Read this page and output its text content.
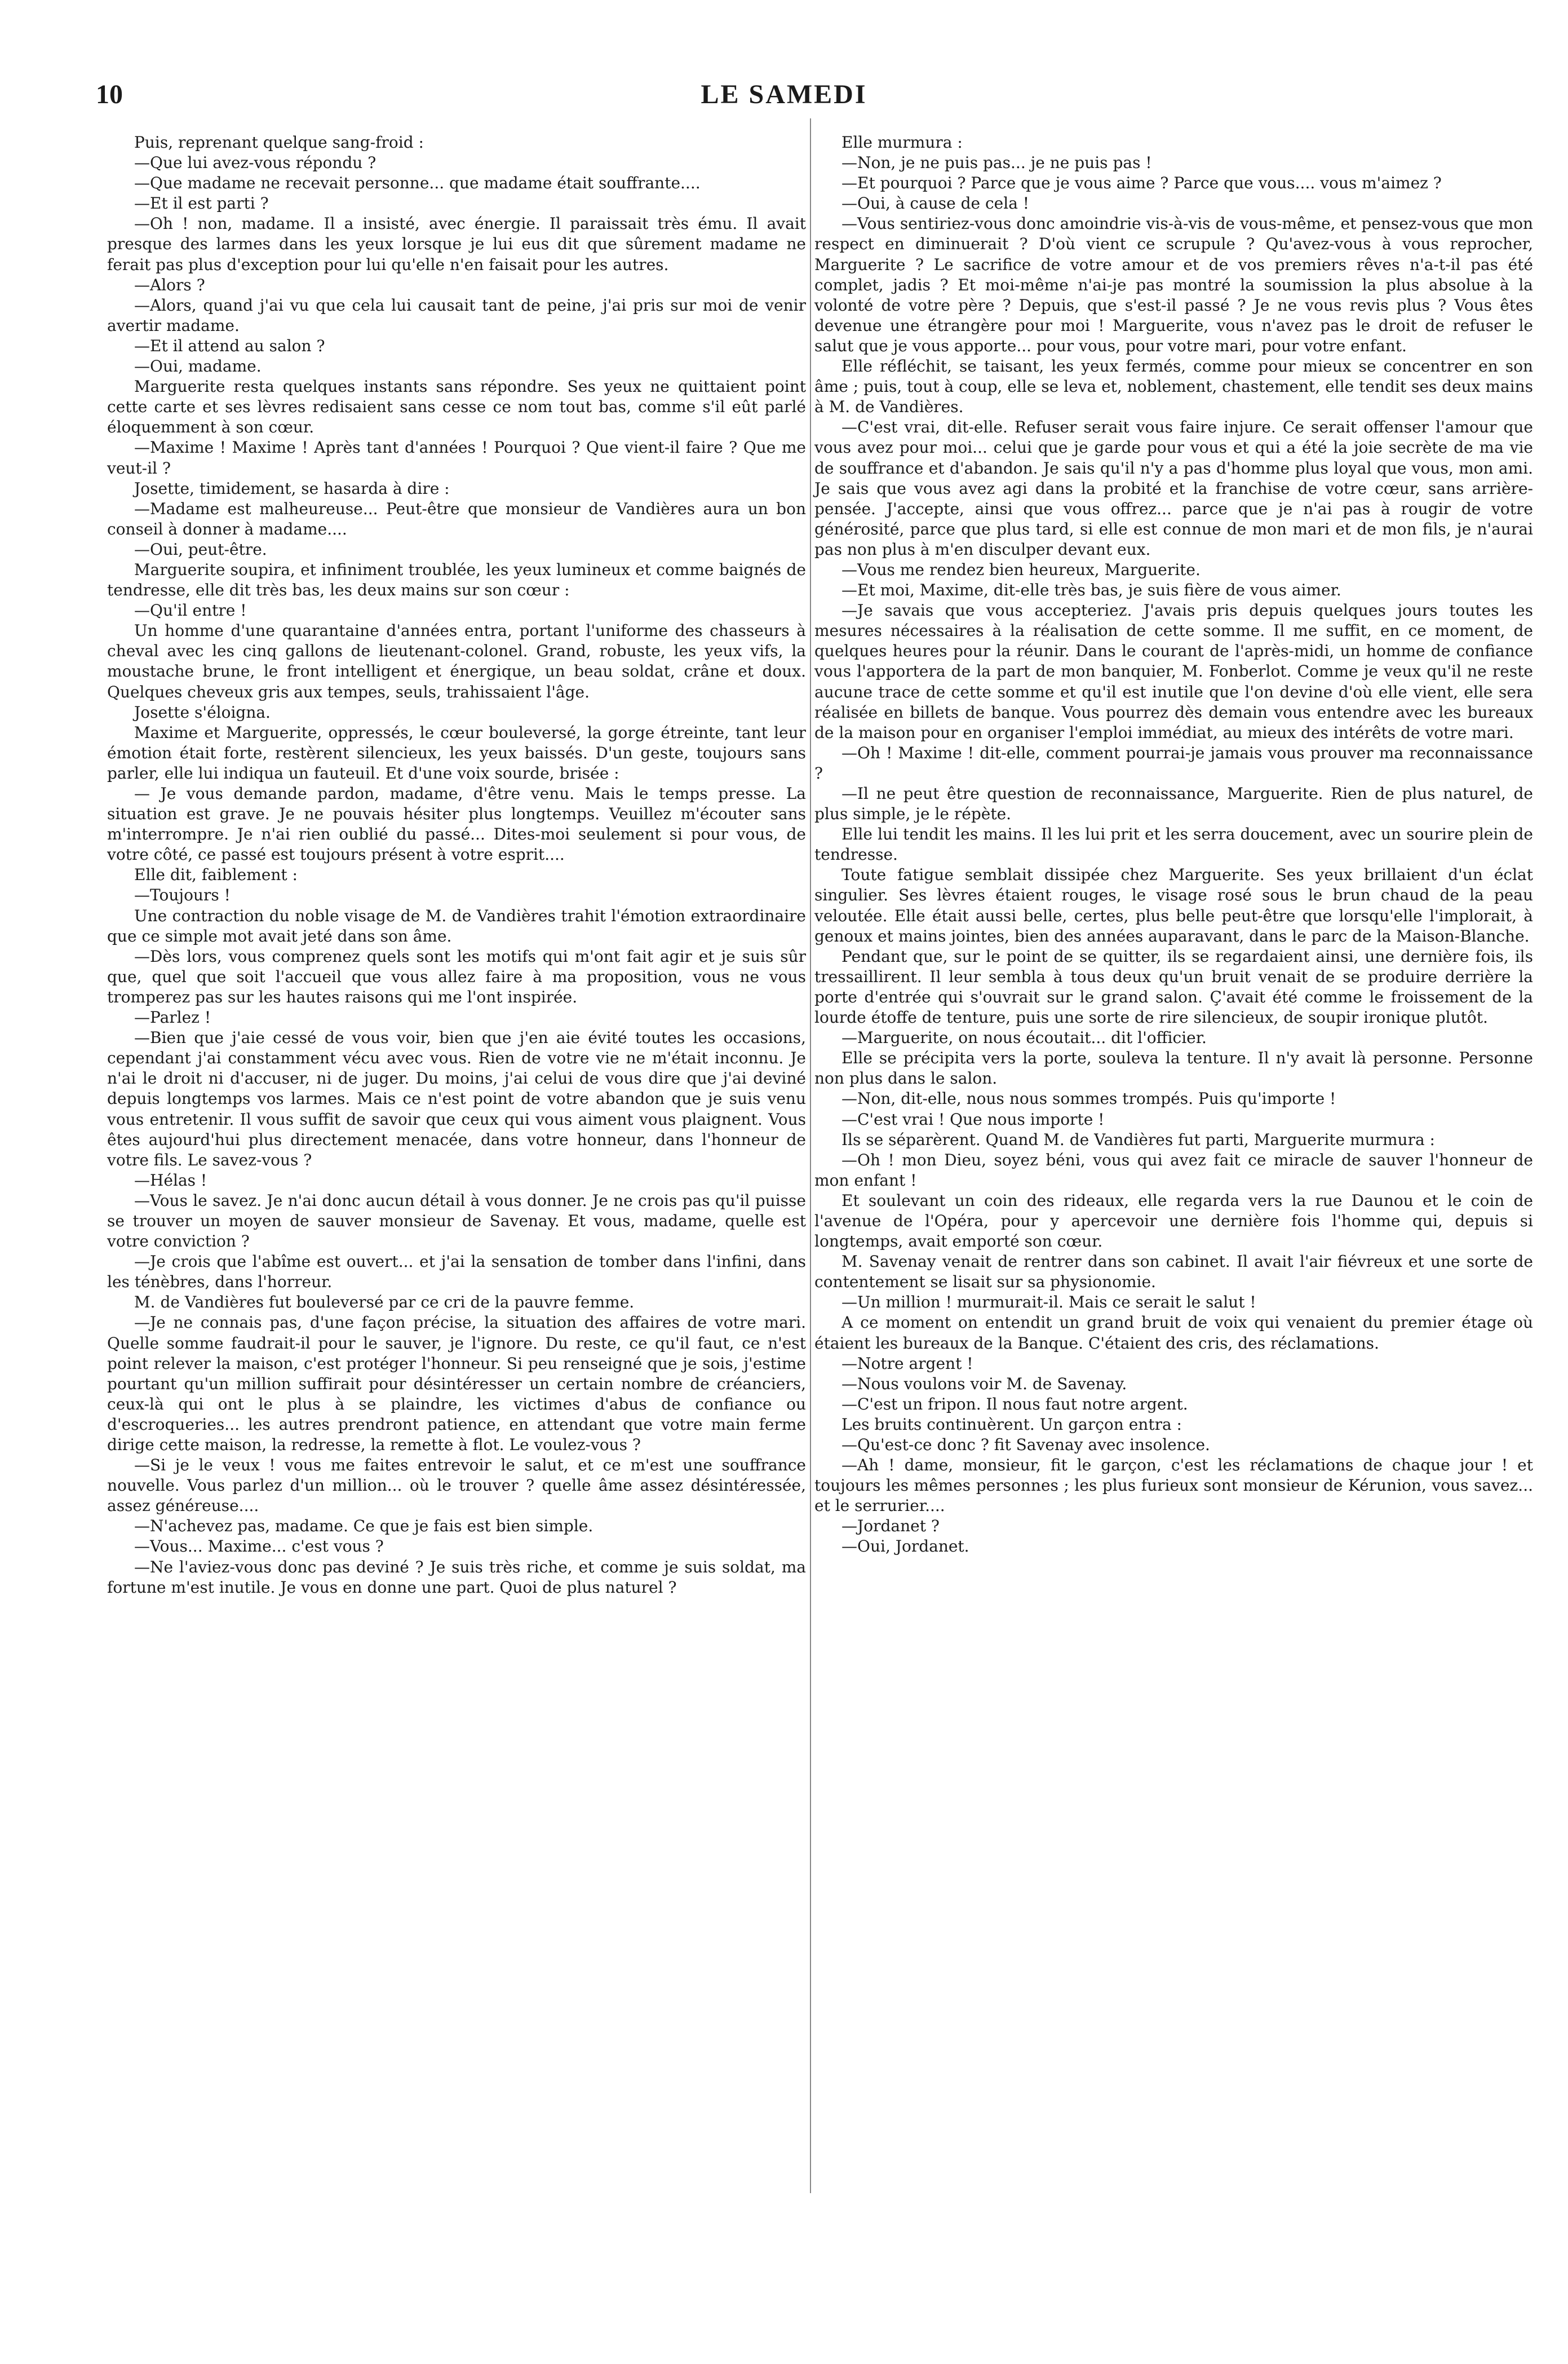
10	LE SAMEDI

Puis, reprenant quelque sang-froid :

—Que lui avez-vous répondu ?

—Que madame ne recevait personne... que madame était souffrante....

—Et il est parti ?

—Oh ! non, madame. Il a insisté, avec énergie. Il paraissait très ému. Il avait presque des larmes dans les yeux lorsque je lui eus dit que sûrement madame ne ferait pas plus d'exception pour lui qu'elle n'en faisait pour les autres.

—Alors ?

—Alors, quand j'ai vu que cela lui causait tant de peine, j'ai pris sur moi de venir avertir madame.

—Et il attend au salon ?

—Oui, madame.

Marguerite resta quelques instants sans répondre. Ses yeux ne quittaient point cette carte et ses lèvres redisaient sans cesse ce nom tout bas, comme s'il eût parlé éloquemment à son cœur.

—Maxime ! Maxime ! Après tant d'années ! Pourquoi ? Que vient-il faire ? Que me veut-il ?

Josette, timidement, se hasarda à dire :

—Madame est malheureuse... Peut-être que monsieur de Vandières aura un bon conseil à donner à madame....

—Oui, peut-être.

Marguerite soupira, et infiniment troublée, les yeux lumineux et comme baignés de tendresse, elle dit très bas, les deux mains sur son cœur :

—Qu'il entre !

Un homme d'une quarantaine d'années entra, portant l'uniforme des chasseurs à cheval avec les cinq gallons de lieutenant-colonel. Grand, robuste, les yeux vifs, la moustache brune, le front intelligent et énergique, un beau soldat, crâne et doux. Quelques cheveux gris aux tempes, seuls, trahissaient l'âge.

Josette s'éloigna.

Maxime et Marguerite, oppressés, le cœur bouleversé, la gorge étreinte, tant leur émotion était forte, restèrent silencieux, les yeux baissés. D'un geste, toujours sans parler, elle lui indiqua un fauteuil. Et d'une voix sourde, brisée :

— Je vous demande pardon, madame, d'être venu. Mais le temps presse. La situation est grave. Je ne pouvais hésiter plus longtemps. Veuillez m'écouter sans m'interrompre. Je n'ai rien oublié du passé... Dites-moi seulement si pour vous, de votre côté, ce passé est toujours présent à votre esprit....

Elle dit, faiblement :

—Toujours !

Une contraction du noble visage de M. de Vandières trahit l'émotion extraordinaire que ce simple mot avait jeté dans son âme.

—Dès lors, vous comprenez quels sont les motifs qui m'ont fait agir et je suis sûr que, quel que soit l'accueil que vous allez faire à ma proposition, vous ne vous tromperez pas sur les hautes raisons qui me l'ont inspirée.

—Parlez !

—Bien que j'aie cessé de vous voir, bien que j'en aie évité toutes les occasions, cependant j'ai constamment vécu avec vous. Rien de votre vie ne m'était inconnu. Je n'ai le droit ni d'accuser, ni de juger. Du moins, j'ai celui de vous dire que j'ai deviné depuis longtemps vos larmes. Mais ce n'est point de votre abandon que je suis venu vous entretenir. Il vous suffit de savoir que ceux qui vous aiment vous plaignent. Vous êtes aujourd'hui plus directement menacée, dans votre honneur, dans l'honneur de votre fils. Le savez-vous ?

—Hélas !

—Vous le savez. Je n'ai donc aucun détail à vous donner. Je ne crois pas qu'il puisse se trouver un moyen de sauver monsieur de Savenay. Et vous, madame, quelle est votre conviction ?

—Je crois que l'abîme est ouvert... et j'ai la sensation de tomber dans l'infini, dans les ténèbres, dans l'horreur.

M. de Vandières fut bouleversé par ce cri de la pauvre femme.

—Je ne connais pas, d'une façon précise, la situation des affaires de votre mari. Quelle somme faudrait-il pour le sauver, je l'ignore. Du reste, ce qu'il faut, ce n'est point relever la maison, c'est protéger l'honneur. Si peu renseigné que je sois, j'estime pourtant qu'un million suffirait pour désintéresser un certain nombre de créanciers, ceux-là qui ont le plus à se plaindre, les victimes d'abus de confiance ou d'escroqueries... les autres prendront patience, en attendant que votre main ferme dirige cette maison, la redresse, la remette à flot. Le voulez-vous ?

—Si je le veux ! vous me faites entrevoir le salut, et ce m'est une souffrance nouvelle. Vous parlez d'un million... où le trouver ? quelle âme assez désintéressée, assez généreuse....

—N'achevez pas, madame. Ce que je fais est bien simple.

—Vous... Maxime... c'est vous ?

—Ne l'aviez-vous donc pas deviné ? Je suis très riche, et comme je suis soldat, ma fortune m'est inutile. Je vous en donne une part. Quoi de plus naturel ?

Elle murmura :

—Non, je ne puis pas... je ne puis pas !

—Et pourquoi ? Parce que je vous aime ? Parce que vous.... vous m'aimez ?

—Oui, à cause de cela !

—Vous sentiriez-vous donc amoindrie vis-à-vis de vous-même, et pensez-vous que mon respect en diminuerait ? D'où vient ce scrupule ? Qu'avez-vous à vous reprocher, Marguerite ? Le sacrifice de votre amour et de vos premiers rêves n'a-t-il pas été complet, jadis ? Et moi-même n'ai-je pas montré la soumission la plus absolue à la volonté de votre père ? Depuis, que s'est-il passé ? Je ne vous revis plus ? Vous êtes devenue une étrangère pour moi ! Marguerite, vous n'avez pas le droit de refuser le salut que je vous apporte... pour vous, pour votre mari, pour votre enfant.

Elle réfléchit, se taisant, les yeux fermés, comme pour mieux se concentrer en son âme ; puis, tout à coup, elle se leva et, noblement, chastement, elle tendit ses deux mains à M. de Vandières.

—C'est vrai, dit-elle. Refuser serait vous faire injure. Ce serait offenser l'amour que vous avez pour moi... celui que je garde pour vous et qui a été la joie secrète de ma vie de souffrance et d'abandon. Je sais qu'il n'y a pas d'homme plus loyal que vous, mon ami. Je sais que vous avez agi dans la probité et la franchise de votre cœur, sans arrière-pensée. J'accepte, ainsi que vous offrez... parce que je n'ai pas à rougir de votre générosité, parce que plus tard, si elle est connue de mon mari et de mon fils, je n'aurai pas non plus à m'en disculper devant eux.

—Vous me rendez bien heureux, Marguerite.

—Et moi, Maxime, dit-elle très bas, je suis fière de vous aimer.

—Je savais que vous accepteriez. J'avais pris depuis quelques jours toutes les mesures nécessaires à la réalisation de cette somme. Il me suffit, en ce moment, de quelques heures pour la réunir. Dans le courant de l'après-midi, un homme de confiance vous l'apportera de la part de mon banquier, M. Fonberlot. Comme je veux qu'il ne reste aucune trace de cette somme et qu'il est inutile que l'on devine d'où elle vient, elle sera réalisée en billets de banque. Vous pourrez dès demain vous entendre avec les bureaux de la maison pour en organiser l'emploi immédiat, au mieux des intérêts de votre mari.

—Oh ! Maxime ! dit-elle, comment pourrai-je jamais vous prouver ma reconnaissance ?

—Il ne peut être question de reconnaissance, Marguerite. Rien de plus naturel, de plus simple, je le répète.

Elle lui tendit les mains. Il les lui prit et les serra doucement, avec un sourire plein de tendresse.

Toute fatigue semblait dissipée chez Marguerite. Ses yeux brillaient d'un éclat singulier. Ses lèvres étaient rouges, le visage rosé sous le brun chaud de la peau veloutée. Elle était aussi belle, certes, plus belle peut-être que lorsqu'elle l'implorait, à genoux et mains jointes, bien des années auparavant, dans le parc de la Maison-Blanche.

Pendant que, sur le point de se quitter, ils se regardaient ainsi, une dernière fois, ils tressaillirent. Il leur sembla à tous deux qu'un bruit venait de se produire derrière la porte d'entrée qui s'ouvrait sur le grand salon. Ç'avait été comme le froissement de la lourde étoffe de tenture, puis une sorte de rire silencieux, de soupir ironique plutôt.

—Marguerite, on nous écoutait... dit l'officier.

Elle se précipita vers la porte, souleva la tenture. Il n'y avait là personne. Personne non plus dans le salon.

—Non, dit-elle, nous nous sommes trompés. Puis qu'importe !

—C'est vrai ! Que nous importe !

Ils se séparèrent. Quand M. de Vandières fut parti, Marguerite murmura :

—Oh ! mon Dieu, soyez béni, vous qui avez fait ce miracle de sauver l'honneur de mon enfant !

Et soulevant un coin des rideaux, elle regarda vers la rue Daunou et le coin de l'avenue de l'Opéra, pour y apercevoir une dernière fois l'homme qui, depuis si longtemps, avait emporté son cœur.

M. Savenay venait de rentrer dans son cabinet. Il avait l'air fiévreux et une sorte de contentement se lisait sur sa physionomie.

—Un million ! murmurait-il. Mais ce serait le salut !

A ce moment on entendit un grand bruit de voix qui venaient du premier étage où étaient les bureaux de la Banque. C'étaient des cris, des réclamations.

—Notre argent !

—Nous voulons voir M. de Savenay.

—C'est un fripon. Il nous faut notre argent.

Les bruits continuèrent. Un garçon entra :

—Qu'est-ce donc ? fit Savenay avec insolence.

—Ah ! dame, monsieur, fit le garçon, c'est les réclamations de chaque jour ! et toujours les mêmes personnes ; les plus furieux sont monsieur de Kérunion, vous savez... et le serrurier....

—Jordanet ?

—Oui, Jordanet.
